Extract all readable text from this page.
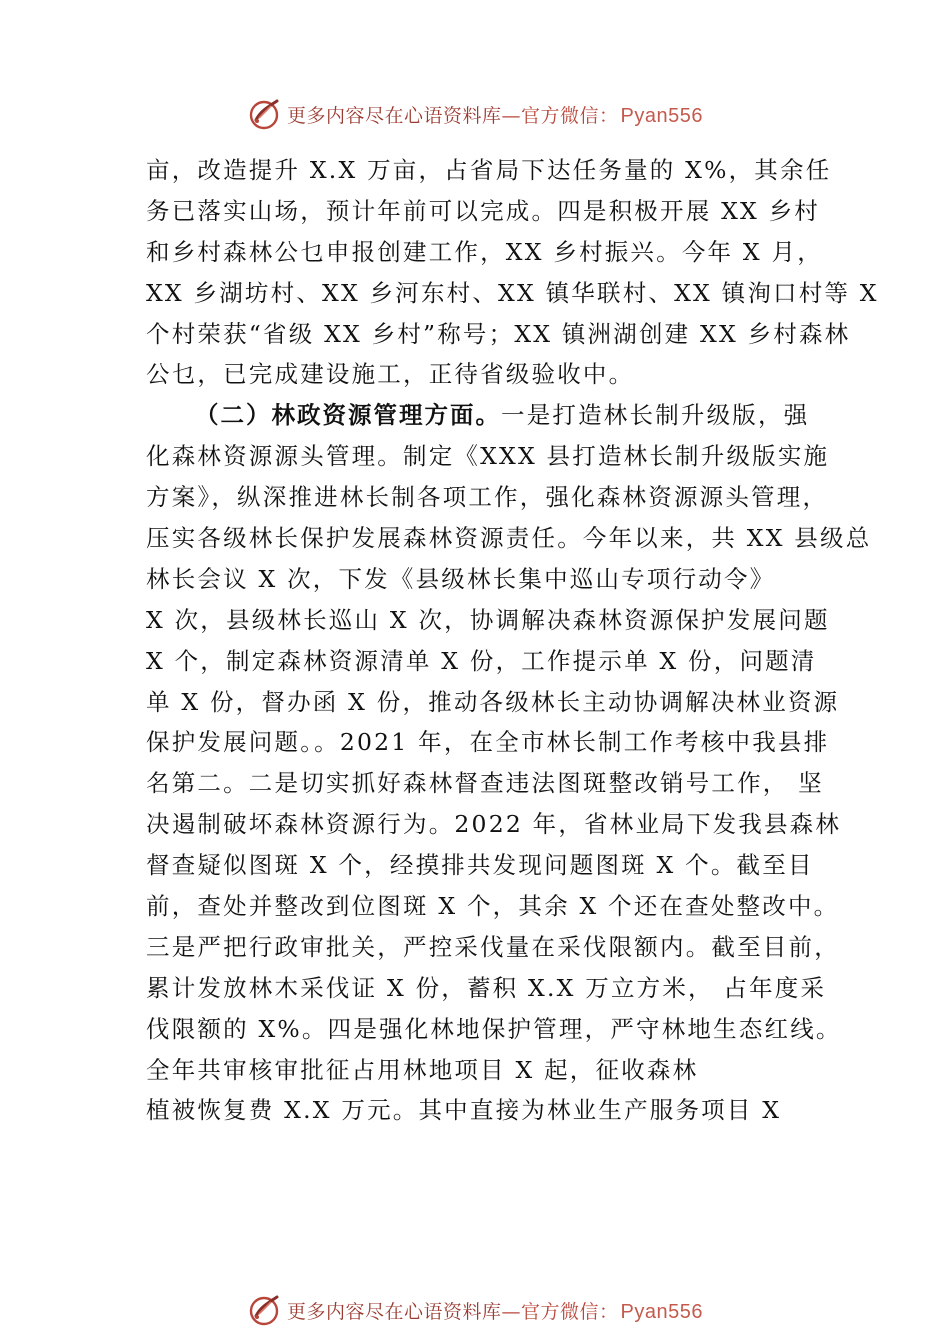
更多内容尽在心语资料库—官方微信： Pyan556
亩，改造提升 X.X 万亩，占省局下达任务量的 X%，其余任
务已落实山场，预计年前可以完成。四是积极开展 XX 乡村
和乡村森林公乜申报创建工作，XX 乡村振兴。今年 X 月，
XX 乡湖坊村、XX 乡河东村、XX 镇华联村、XX 镇洵口村等 X
个村荣获“省级 XX 乡村”称号；XX 镇洲湖创建 XX 乡村森林
公乜，已完成建设施工，正待省级验收中。
（二）林政资源管理方面。一是打造林长制升级版，强
化森林资源源头管理。制定《XXX 县打造林长制升级版实施
方案》，纵深推进林长制各项工作，强化森林资源源头管理，
压实各级林长保护发展森林资源责任。今年以来，共 XX 县级总
林长会议 X 次，下发《县级林长集中巡山专项行动令》
X 次，县级林长巡山 X 次，协调解决森林资源保护发展问题
X 个，制定森林资源清单 X 份，工作提示单 X 份，问题清
单 X 份，督办函 X 份，推动各级林长主动协调解决林业资源
保护发展问题。。2021 年，在全市林长制工作考核中我县排
名第二。二是切实抓好森林督查违法图斑整改销号工作， 坚
决遏制破坏森林资源行为。2022 年，省林业局下发我县森林
督查疑似图斑 X 个，经摸排共发现问题图斑 X 个。截至目
前，查处并整改到位图斑 X 个，其余 X 个还在查处整改中。
三是严把行政审批关，严控采伐量在采伐限额内。截至目前，
累计发放林木采伐证 X 份，蓄积 X.X 万立方米， 占年度采
伐限额的 X%。四是强化林地保护管理，严守林地生态红线。
全年共审核审批征占用林地项目 X 起，征收森林
植被恢复费 X.X 万元。其中直接为林业生产服务项目 X
更多内容尽在心语资料库—官方微信： Pyan556
